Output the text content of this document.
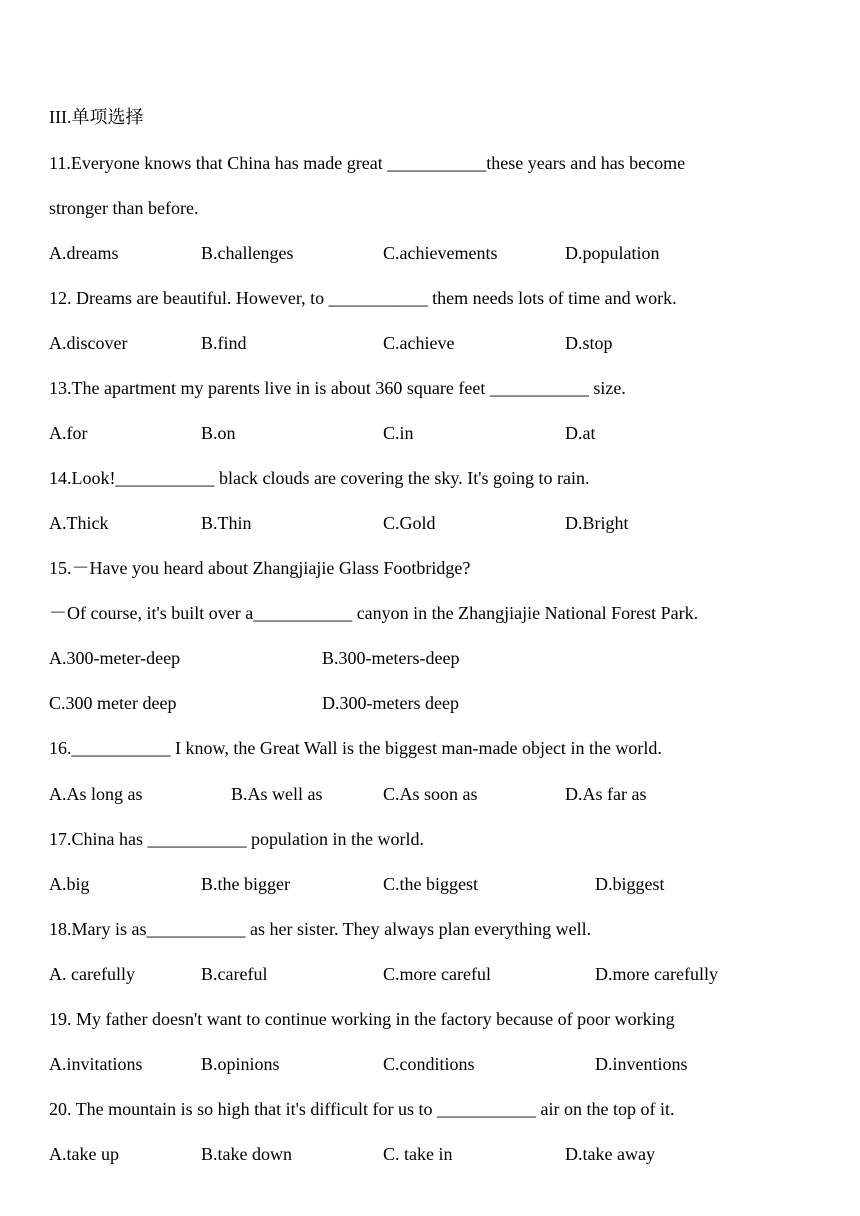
III.单项选择
11.Everyone knows that China has made great ___________these years and has become
stronger than before.
A.dreams	B.challenges	C.achievements	D.population
12. Dreams are beautiful. However, to ___________ them needs lots of time and work.
A.discover	B.find	C.achieve	D.stop
13.The apartment my parents live in is about 360 square feet ___________ size.
A.for	B.on	C.in	D.at
14.Look!___________ black clouds are covering the sky. It's going to rain.
A.Thick	B.Thin	C.Gold	D.Bright
15.－Have you heard about Zhangjiajie Glass Footbridge?
－Of course, it's built over a___________ canyon in the Zhangjiajie National Forest Park.
A.300-meter-deep	B.300-meters-deep
C.300 meter deep	D.300-meters deep
16.___________ I know, the Great Wall is the biggest man-made object in the world.
A.As long as	B.As well as	C.As soon as	D.As far as
17.China has ___________ population in the world.
A.big	B.the bigger	C.the biggest	D.biggest
18.Mary is as___________ as her sister. They always plan everything well.
A. carefully	B.careful	C.more careful	D.more carefully
19. My father doesn't want to continue working in the factory because of poor working
A.invitations	B.opinions	C.conditions	D.inventions
20. The mountain is so high that it's difficult for us to ___________ air on the top of it.
A.take up	B.take down	C. take in	D.take away
